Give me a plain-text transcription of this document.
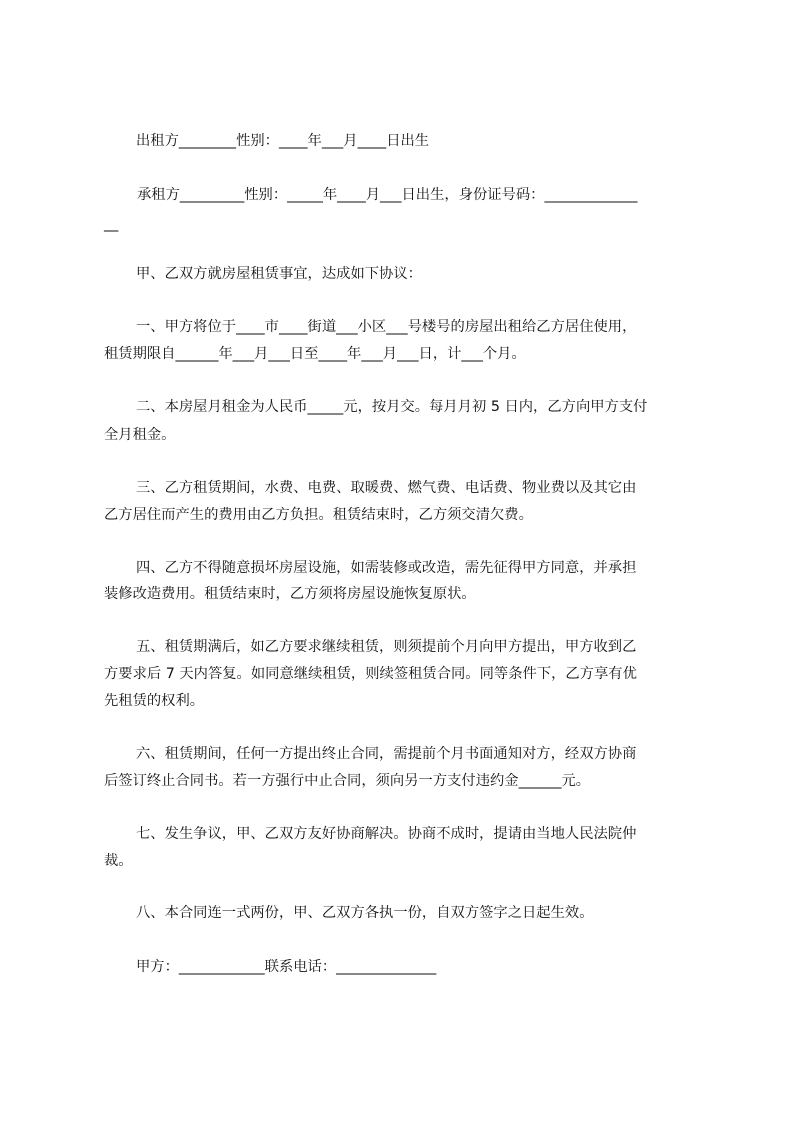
出租方________性别：____年___月____日出生

承租方_________性别：_____年____月___日出生，身份证号码：_____________

__

甲、乙双方就房屋租赁事宜，达成如下协议：

一、甲方将位于____市____街道___小区___号楼号的房屋出租给乙方居住使用，

租赁期限自______年___月___日至____年___月___日，计___个月。

二、本房屋月租金为人民币_____元，按月交。每月月初 5 日内，乙方向甲方支付

全月租金。

三、乙方租赁期间，水费、电费、取暖费、燃气费、电话费、物业费以及其它由

乙方居住而产生的费用由乙方负担。租赁结束时，乙方须交清欠费。

四、乙方不得随意损坏房屋设施，如需装修或改造，需先征得甲方同意，并承担

装修改造费用。租赁结束时，乙方须将房屋设施恢复原状。

五、租赁期满后，如乙方要求继续租赁，则须提前个月向甲方提出，甲方收到乙

方要求后 7 天内答复。如同意继续租赁，则续签租赁合同。同等条件下，乙方享有优

先租赁的权利。

六、租赁期间，任何一方提出终止合同，需提前个月书面通知对方，经双方协商

后签订终止合同书。若一方强行中止合同，须向另一方支付违约金______元。

七、发生争议，甲、乙双方友好协商解决。协商不成时，提请由当地人民法院仲

裁。

八、本合同连一式两份，甲、乙双方各执一份，自双方签字之日起生效。

甲方：____________联系电话：______________
